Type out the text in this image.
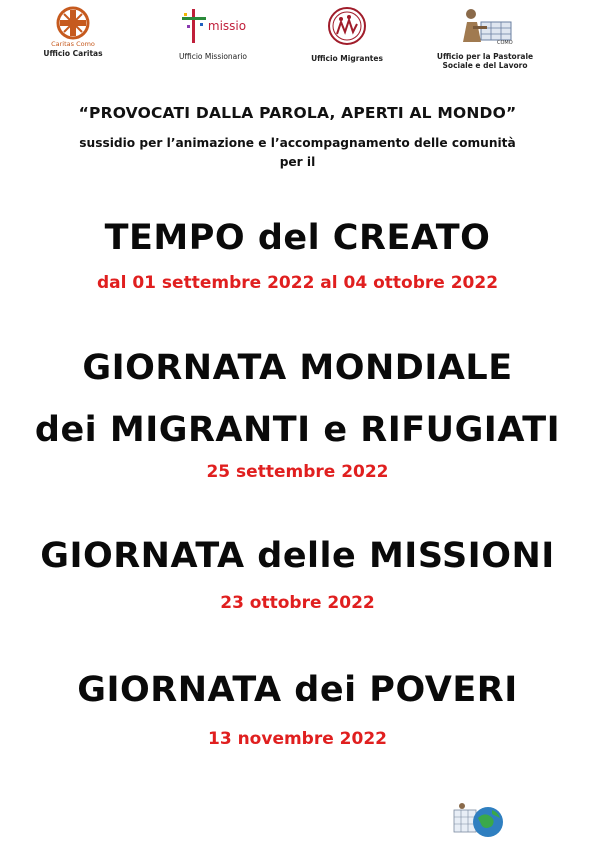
Caritas Como
Ufficio Caritas
missio
Ufficio Missionario	Ufficio Migrantes
COMO
Ufficio per la Pastorale
Sociale e del Lavoro
“PROVOCATI DALLA PAROLA, APERTI AL MONDO”
sussidio per l’animazione e l’accompagnamento delle comunità
per il
TEMPO del CREATO
dal 01 settembre 2022 al 04 ottobre 2022
GIORNATA MONDIALE
dei MIGRANTI e RIFUGIATI
25 settembre 2022
GIORNATA delle MISSIONI
23 ottobre 2022
GIORNATA dei POVERI
13 novembre 2022
